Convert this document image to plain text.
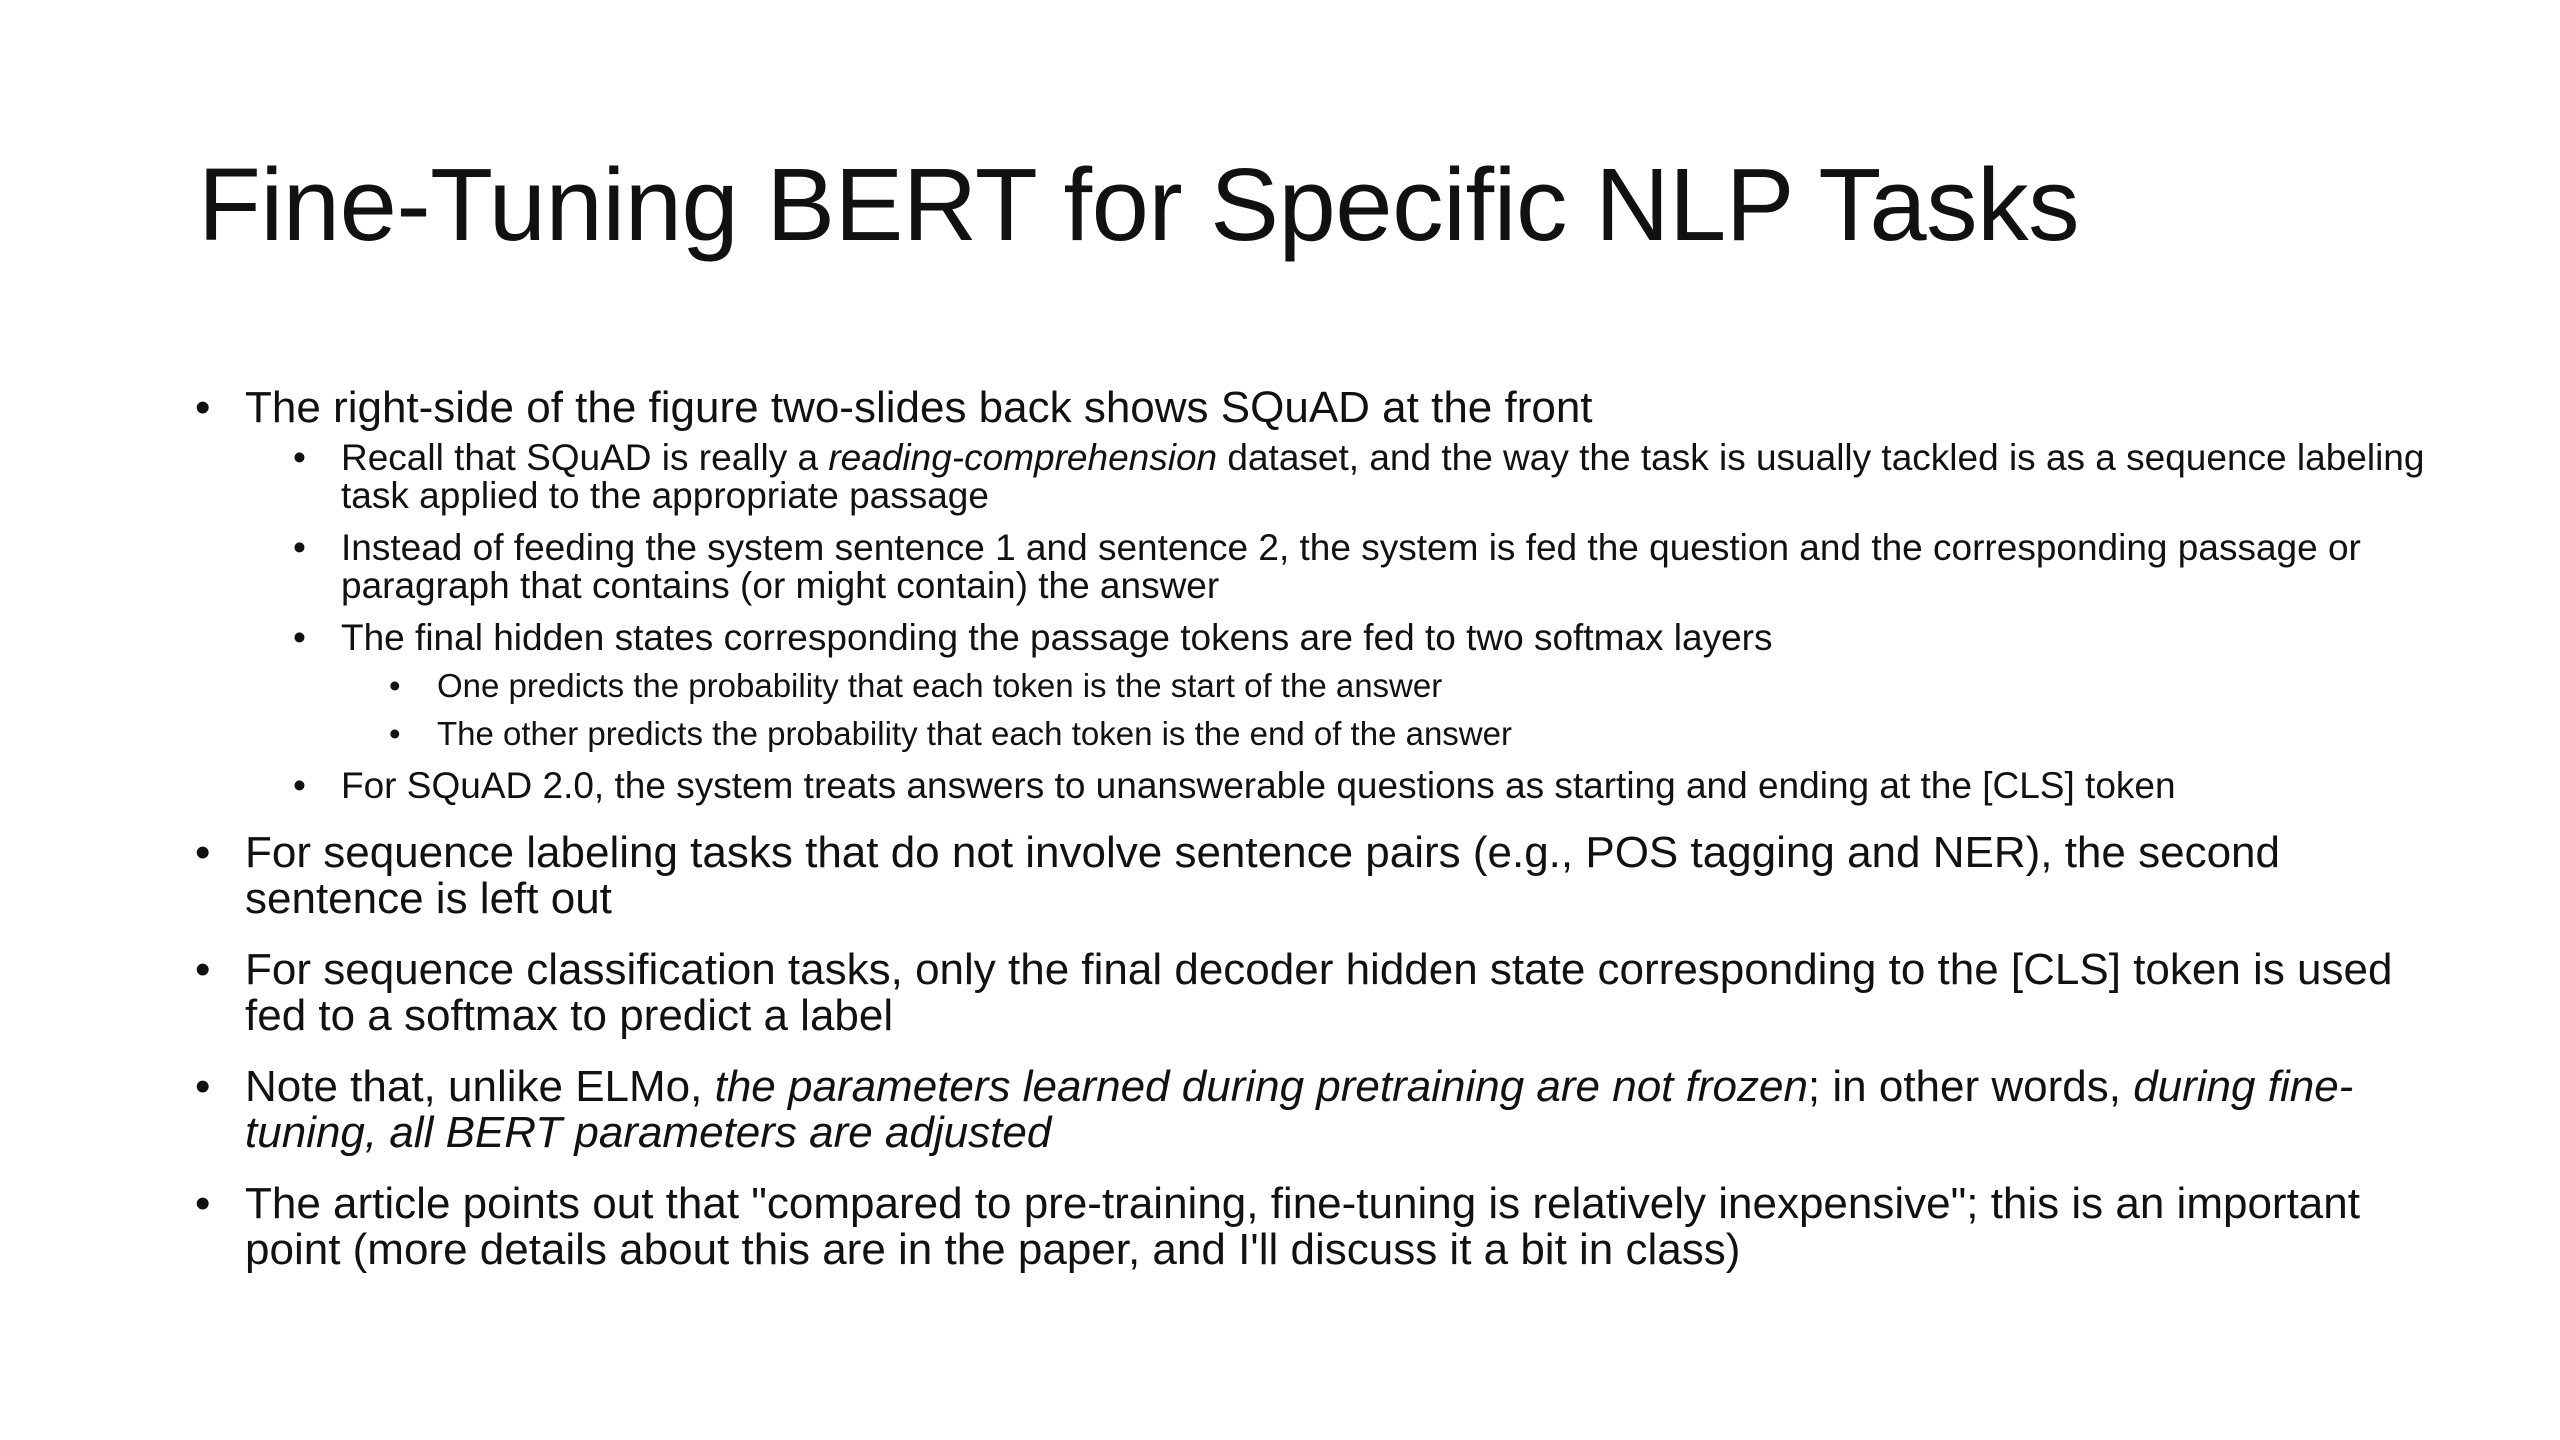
Fine-Tuning BERT for Specific NLP Tasks
• The right-side of the figure two-slides back shows SQuAD at the front
• Recall that SQuAD is really a reading-comprehension dataset, and the way the task is usually tackled is as a sequence labeling task applied to the appropriate passage
• Instead of feeding the system sentence 1 and sentence 2, the system is fed the question and the corresponding passage or paragraph that contains (or might contain) the answer
• The final hidden states corresponding the passage tokens are fed to two softmax layers
• One predicts the probability that each token is the start of the answer
• The other predicts the probability that each token is the end of the answer
• For SQuAD 2.0, the system treats answers to unanswerable questions as starting and ending at the [CLS] token
• For sequence labeling tasks that do not involve sentence pairs (e.g., POS tagging and NER), the second sentence is left out
• For sequence classification tasks, only the final decoder hidden state corresponding to the [CLS] token is used fed to a softmax to predict a label
• Note that, unlike ELMo, the parameters learned during pretraining are not frozen; in other words, during fine-tuning, all BERT parameters are adjusted
• The article points out that "compared to pre-training, fine-tuning is relatively inexpensive"; this is an important point (more details about this are in the paper, and I'll discuss it a bit in class)
